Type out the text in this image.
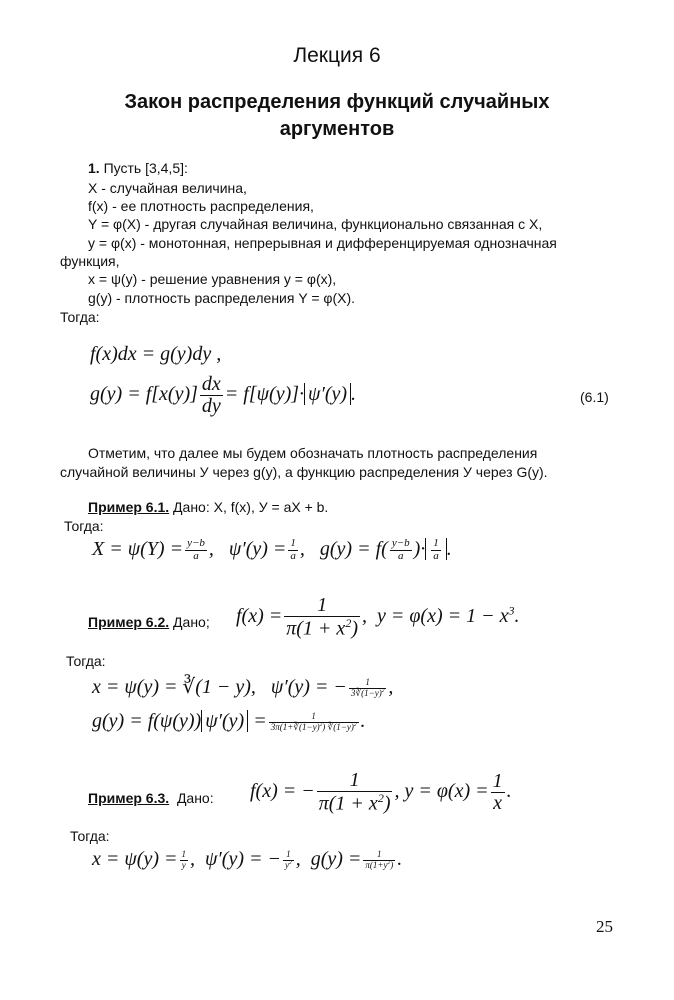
Лекция 6
Закон распределения функций случайных
аргументов
1. Пусть [3,4,5]:
X - случайная величина,
f(x) - ее плотность распределения,
Y = φ(X) - другая случайная величина, функционально связанная с X,
y = φ(x) - монотонная, непрерывная и дифференцируемая однозначная
функция,
x = ψ(y) - решение уравнения y = φ(x),
g(y) - плотность распределения Y = φ(X).
Тогда:
f(x)dx = g(y)dy ,
$g(y) = f[x(y)] \frac{dx}{dy} = f[\psi(y)]\cdot \psi'(y)$ .	(6.1)
Отметим, что далее мы будем обозначать плотность распределения
случайной величины У через g(y), а функцию распределения У через G(y).
Пример 6.1. Дано: X, f(x), У = aX + b.
Тогда:
$X = \psi(Y) = \frac{y-b}{a}$ ,   $\psi'(y) = \frac{1}{a}$ ,   $g(y) = f( \frac{y-b}{a}$ )· $\frac{1}{a}$ .
Пример 6.2. Дано; $f(x) = \frac{1}{\pi(1 + x^2)}$ ,  $y = \varphi(x) = 1 - x^3$.
Тогда:
x = ψ(y) = ∛(1 − y),   ψ′(y) = − $\frac{1}{3∛(1-y)^2}$ ,
g(y) = f(ψ(y)) $\psi'(y) = \frac{1}{3\pi(1+∛(1-y)^2) ∛(1-y)^2}$ .
Пример 6.3. Дано: f(x) = − $\frac{1}{\pi(1 + x^2)}$ , $y = \varphi(x) = \frac{1}{x}$ .
Тогда:
$x = \psi(y) = \frac{1}{y}$ ,  ψ′(y) = − $\frac{1}{y^2}$ ,  $g(y) = \frac{1}{\pi(1+y^2)}$ .
25
